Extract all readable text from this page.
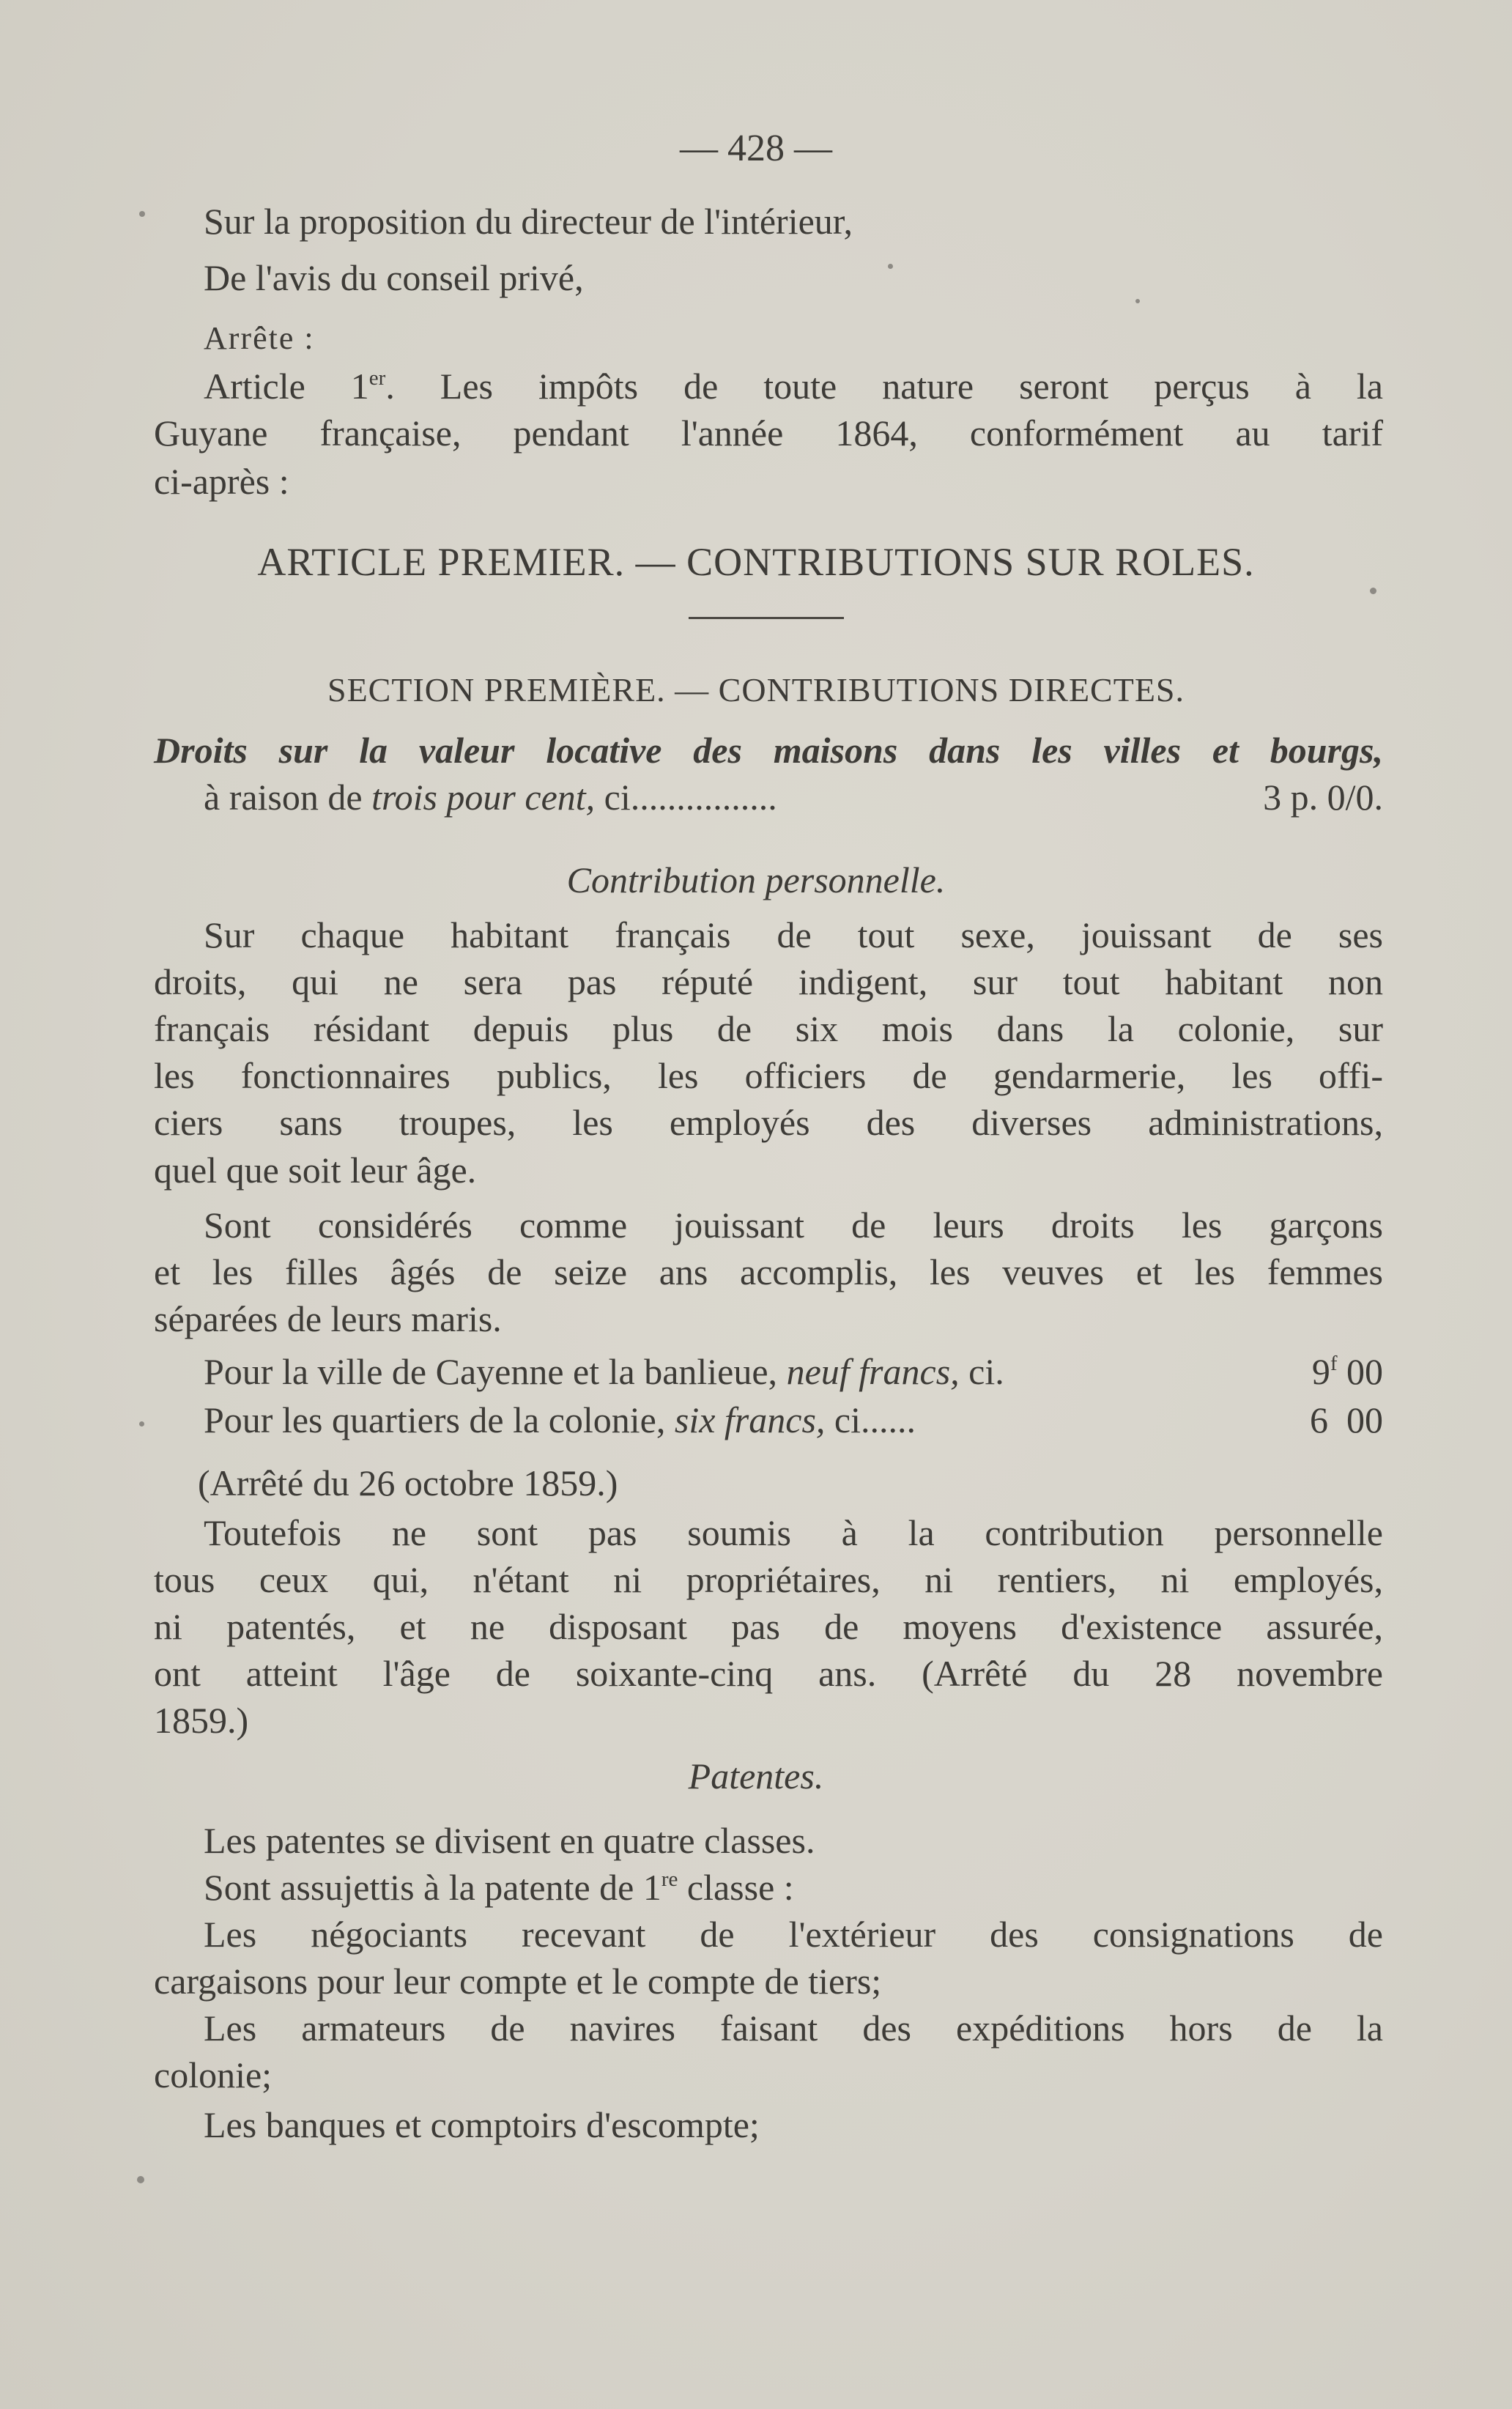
— 428 —
Sur la proposition du directeur de l'intérieur,
De l'avis du conseil privé,
Arrête :
Article 1er. Les impôts de toute nature seront perçus à la
Guyane française, pendant l'année 1864, conformément au tarif
ci-après :
ARTICLE PREMIER. — CONTRIBUTIONS SUR ROLES.
SECTION PREMIÈRE. — CONTRIBUTIONS DIRECTES.
Droits sur la valeur locative des maisons dans les villes et bourgs,
à raison de trois pour cent, ci................	3 p. 0/0.
Contribution personnelle.
Sur chaque habitant français de tout sexe, jouissant de ses
droits, qui ne sera pas réputé indigent, sur tout habitant non
français résidant depuis plus de six mois dans la colonie, sur
les fonctionnaires publics, les officiers de gendarmerie, les offi-
ciers sans troupes, les employés des diverses administrations,
quel que soit leur âge.
Sont considérés comme jouissant de leurs droits les garçons
et les filles âgés de seize ans accomplis, les veuves et les femmes
séparées de leurs maris.
Pour la ville de Cayenne et la banlieue, neuf francs, ci.	9$^f$ 00
Pour les quartiers de la colonie, six francs, ci......	6  00
(Arrêté du 26 octobre 1859.)
Toutefois ne sont pas soumis à la contribution personnelle
tous ceux qui, n'étant ni propriétaires, ni rentiers, ni employés,
ni patentés, et ne disposant pas de moyens d'existence assurée,
ont atteint l'âge de soixante-cinq ans. (Arrêté du 28 novembre
1859.)
Patentes.
Les patentes se divisent en quatre classes.
Sont assujettis à la patente de 1re classe :
Les négociants recevant de l'extérieur des consignations de
cargaisons pour leur compte et le compte de tiers;
Les armateurs de navires faisant des expéditions hors de la
colonie;
Les banques et comptoirs d'escompte;
